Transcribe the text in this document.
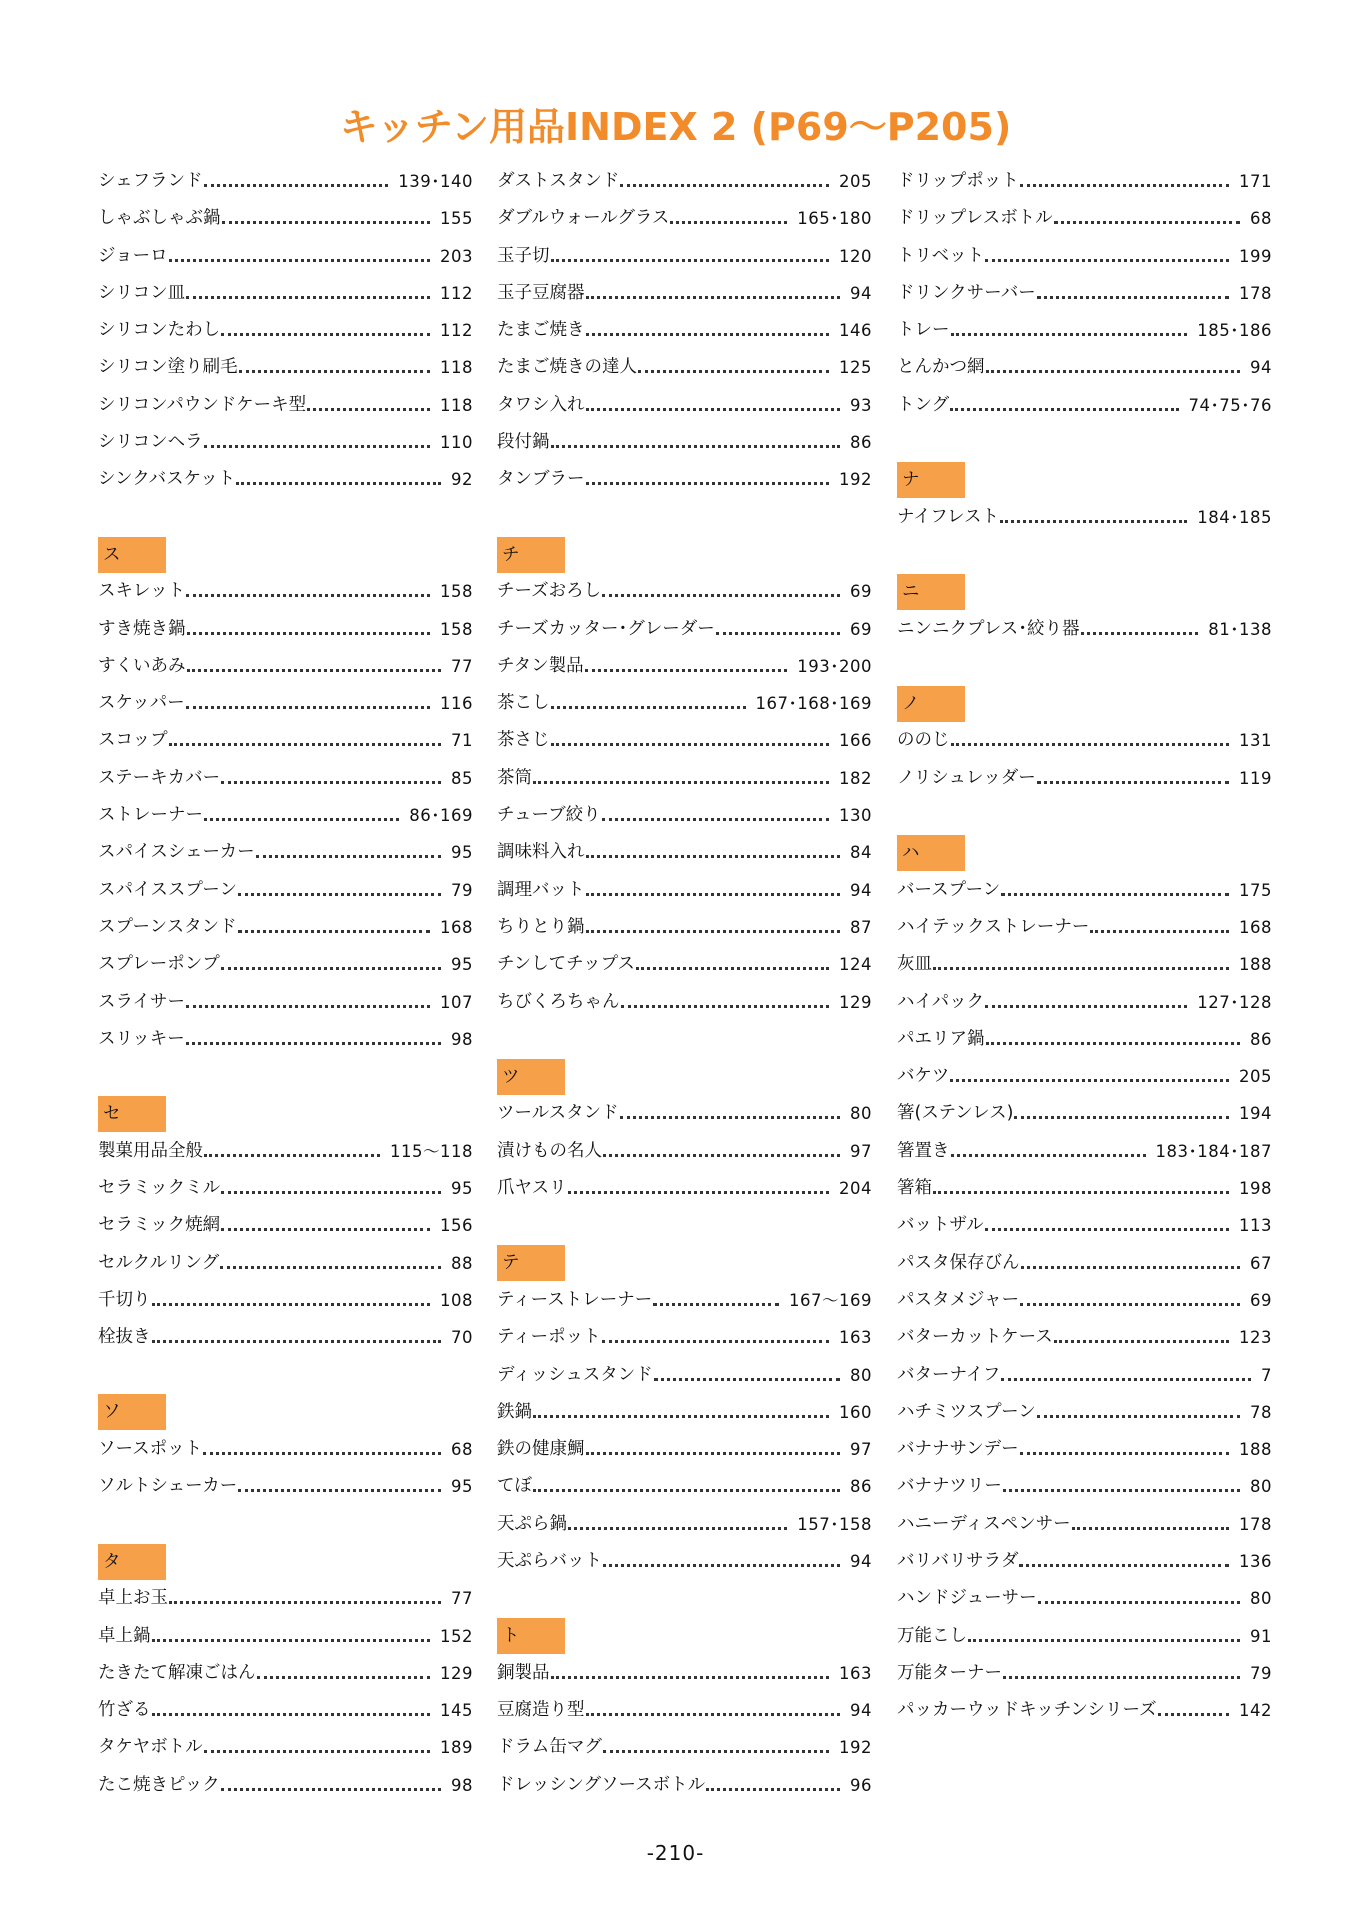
キッチン用品INDEX 2 (P69～P205)
シェフランド	139･140
しゃぶしゃぶ鍋	155
ジョーロ	203
シリコン皿	112
シリコンたわし	112
シリコン塗り刷毛	118
シリコンパウンドケーキ型	118
シリコンヘラ	110
シンクバスケット	92
ス
スキレット	158
すき焼き鍋	158
すくいあみ	77
スケッパー	116
スコップ	71
ステーキカバー	85
ストレーナー	86･169
スパイスシェーカー	95
スパイススプーン	79
スプーンスタンド	168
スプレーポンプ	95
スライサー	107
スリッキー	98
セ
製菓用品全般	115～118
セラミックミル	95
セラミック焼網	156
セルクルリング	88
千切り	108
栓抜き	70
ソ
ソースポット	68
ソルトシェーカー	95
タ
卓上お玉	77
卓上鍋	152
たきたて解凍ごはん	129
竹ざる	145
タケヤボトル	189
たこ焼きピック	98
ダストスタンド	205
ダブルウォールグラス	165･180
玉子切	120
玉子豆腐器	94
たまご焼き	146
たまご焼きの達人	125
タワシ入れ	93
段付鍋	86
タンブラー	192
チ
チーズおろし	69
チーズカッター･グレーダー	69
チタン製品	193･200
茶こし	167･168･169
茶さじ	166
茶筒	182
チューブ絞り	130
調味料入れ	84
調理バット	94
ちりとり鍋	87
チンしてチップス	124
ちびくろちゃん	129
ツ
ツールスタンド	80
漬けもの名人	97
爪ヤスリ	204
テ
ティーストレーナー	167～169
ティーポット	163
ディッシュスタンド	80
鉄鍋	160
鉄の健康鯛	97
てぼ	86
天ぷら鍋	157･158
天ぷらバット	94
ト
銅製品	163
豆腐造り型	94
ドラム缶マグ	192
ドレッシングソースボトル	96
ドリップポット	171
ドリップレスボトル	68
トリベット	199
ドリンクサーバー	178
トレー	185･186
とんかつ網	94
トング	74･75･76
ナ
ナイフレスト	184･185
ニ
ニンニクプレス･絞り器	81･138
ノ
ののじ	131
ノリシュレッダー	119
ハ
バースプーン	175
ハイテックストレーナー	168
灰皿	188
ハイパック	127･128
パエリア鍋	86
バケツ	205
箸(ステンレス)	194
箸置き	183･184･187
箸箱	198
バットザル	113
パスタ保存びん	67
パスタメジャー	69
バターカットケース	123
バターナイフ	7
ハチミツスプーン	78
バナナサンデー	188
バナナツリー	80
ハニーディスペンサー	178
バリバリサラダ	136
ハンドジューサー	80
万能こし	91
万能ターナー	79
パッカーウッドキッチンシリーズ	142
-210-
